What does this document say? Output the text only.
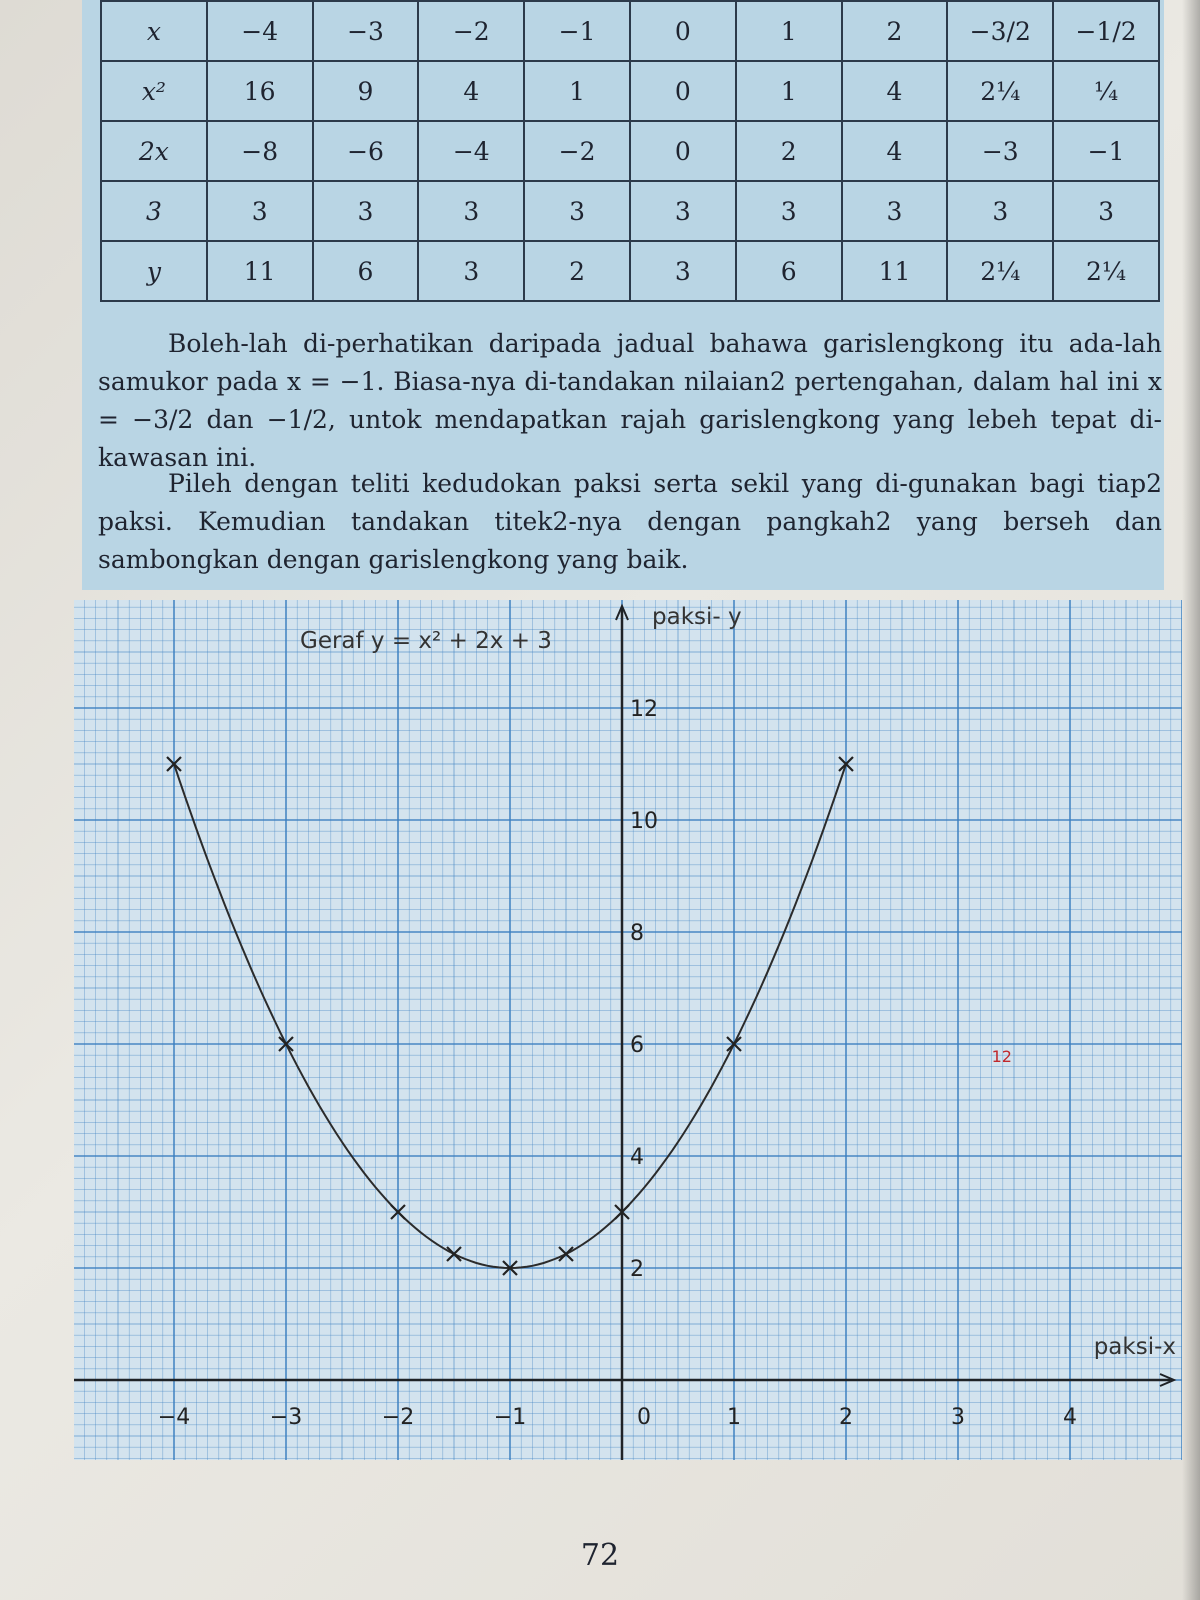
x	−4	−3	−2	−1	0	1	2	−3/2	−1/2
x²	16	9	4	1	0	1	4	2¼	¼
2x	−8	−6	−4	−2	0	2	4	−3	−1
3	3	3	3	3	3	3	3	3	3
y	11	6	3	2	3	6	11	2¼	2¼

Boleh-lah di-perhatikan daripada jadual bahawa garislengkong itu ada-lah samukor pada x = −1. Biasa-nya di-tandakan nilaian2 pertengahan, dalam hal ini x = −3/2 dan −1/2, untok mendapatkan rajah garislengkong yang lebeh tepat di-kawasan ini.

Pileh dengan teliti kedudokan paksi serta sekil yang di-gunakan bagi tiap2 paksi. Kemudian tandakan titek2-nya dengan pangkah2 yang berseh dan sambongkan dengan garislengkong yang baik.

−4	−3	−2	−1	0	1	2	3	4
2
4
6
8
10
12
Geraf y = x² + 2x + 3
paksi- y
paksi-x
12
72
